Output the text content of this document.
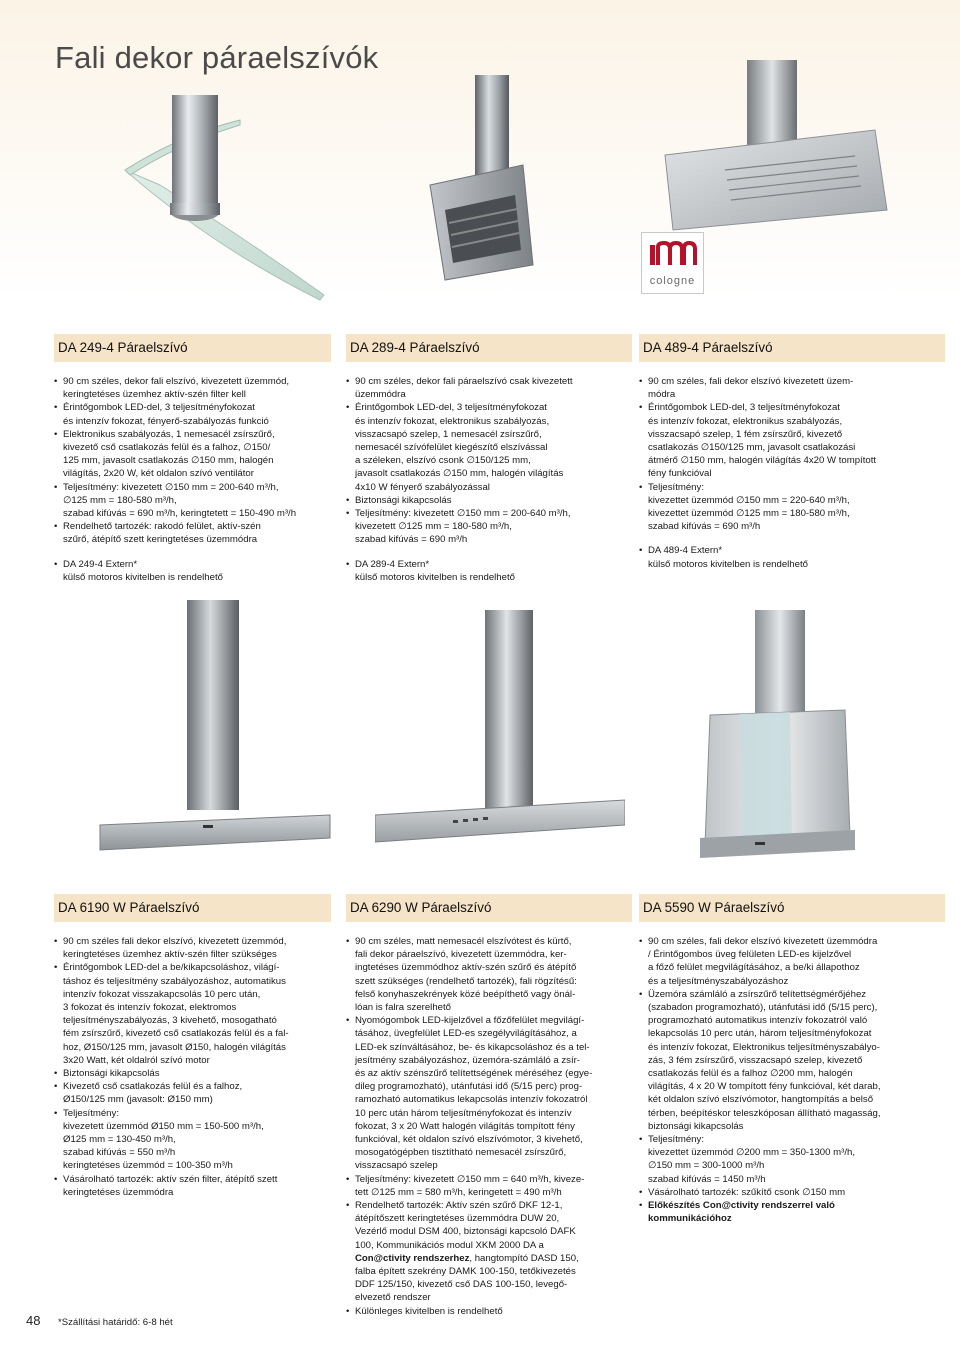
Fali dekor páraelszívók
cologne
DA 249-4 Páraelszívó
• 90 cm széles, dekor fali elszívó, kivezetett üzemmód,
keringtetéses üzemhez aktív-szén filter kell
• Érintőgombok LED-del, 3 teljesítményfokozat
és intenzív fokozat, fényerő-szabályozás funkció
• Elektronikus szabályozás, 1 nemesacél zsírszűrő,
kivezető cső csatlakozás felül és a falhoz, ∅150/
125 mm, javasolt csatlakozás ∅150 mm, halogén
világítás, 2x20 W, két oldalon szívó ventilátor
• Teljesítmény: kivezetett ∅150 mm = 200-640 m³/h,
∅125 mm = 180-580 m³/h,
szabad kifúvás = 690 m³/h, keringtetett = 150-490 m³/h
• Rendelhető tartozék: rakodó felület, aktív-szén
szűrő, átépítő szett keringtetéses üzemmódra
• DA 249-4 Extern*
külső motoros kivitelben is rendelhető
DA 289-4 Páraelszívó
• 90 cm széles, dekor fali páraelszívó csak kivezetett
üzemmódra
• Érintőgombok LED-del, 3 teljesítményfokozat
és intenzív fokozat, elektronikus szabályozás,
visszacsapó szelep, 1 nemesacél zsírszűrő,
nemesacél szívófelület kiegészítő elszívással
a széleken, elszívó csonk ∅150/125 mm,
javasolt csatlakozás ∅150 mm, halogén világítás
4x10 W fényerő szabályozással
• Biztonsági kikapcsolás
• Teljesítmény: kivezetett ∅150 mm = 200-640 m³/h,
kivezetett ∅125 mm = 180-580 m³/h,
szabad kifúvás = 690 m³/h
• DA 289-4 Extern*
külső motoros kivitelben is rendelhető
DA 489-4 Páraelszívó
• 90 cm széles, fali dekor elszívó kivezetett üzem-
módra
• Érintőgombok LED-del, 3 teljesítményfokozat
és intenzív fokozat, elektronikus szabályozás,
visszacsapó szelep, 1 fém zsírszűrő, kivezető
csatlakozás ∅150/125 mm, javasolt csatlakozási
átmérő ∅150 mm, halogén világítás 4x20 W tompított
fény funkcióval
• Teljesítmény:
kivezettet üzemmód ∅150 mm = 220-640 m³/h,
kivezettet üzemmód ∅125 mm = 180-580 m³/h,
szabad kifúvás = 690 m³/h
• DA 489-4 Extern*
külső motoros kivitelben is rendelhető
DA 6190 W Páraelszívó
• 90 cm széles fali dekor elszívó, kivezetett üzemmód,
keringtetéses üzemhez aktív-szén filter szükséges
• Érintőgombok LED-del a be/kikapcsoláshoz, világí-
táshoz és teljesítmény szabályozáshoz, automatikus
intenzív fokozat visszakapcsolás 10 perc után,
3 fokozat és intenzív fokozat, elektromos
teljesítményszabályozás, 3 kivehető, mosogatható
fém zsírszűrő, kivezető cső csatlakozás felül és a fal-
hoz, Ø150/125 mm, javasolt Ø150, halogén világítás
3x20 Watt, két oldalról szívó motor
• Biztonsági kikapcsolás
• Kivezető cső csatlakozás felül és a falhoz,
Ø150/125 mm (javasolt: Ø150 mm)
• Teljesítmény:
kivezetett üzemmód Ø150 mm = 150-500 m³/h,
Ø125 mm = 130-450 m³/h,
szabad kifúvás = 550 m³/h
keringtetéses üzemmód = 100-350 m³/h
• Vásárolható tartozék: aktív szén filter, átépítő szett
keringtetéses üzemmódra
DA 6290 W Páraelszívó
• 90 cm széles, matt nemesacél elszívótest és kürtő,
fali dekor páraelszívó, kivezetett üzemmódra, ker-
ingtetéses üzemmódhoz aktív-szén szűrő és átépítő
szett szükséges (rendelhető tartozék), fali rögzítésű:
felső konyhaszekrények közé beépíthető vagy önál-
lóan is falra szerelhető
• Nyomógombok LED-kijelzővel a főzőfelület megvilágí-
tásához, üvegfelület LED-es szegélyvilágításához, a
LED-ek színváltásához, be- és kikapcsoláshoz és a tel-
jesítmény szabályozáshoz, üzemóra-számláló a zsír-
és az aktív szénszűrő telítettségének méréséhez (egye-
dileg programozható), utánfutási idő (5/15 perc) prog-
ramozható automatikus lekapcsolás intenzív fokozatról
10 perc után három teljesítményfokozat és intenzív
fokozat, 3 x 20 Watt halogén világítás tompított fény
funkcióval, két oldalon szívó elszívómotor, 3 kivehető,
mosogatógépben tisztítható nemesacél zsírszűrő,
visszacsapó szelep
• Teljesítmény: kivezetett ∅150 mm = 640 m³/h, kiveze-
tett ∅125 mm = 580 m³/h, keringetett = 490 m³/h
• Rendelhető tartozék: Aktív szén szűrő DKF 12-1,
átépítőszett keringtetéses üzemmódra DUW 20,
Vezérlő modul DSM 400, biztonsági kapcsoló DAFK
100, Kommunikációs modul XKM 2000 DA a
Con@ctivity rendszerhez, hangtompító DASD 150,
falba épített szekrény DAMK 100-150, tetőkivezetés
DDF 125/150, kivezető cső DAS 100-150, levegő-
elvezető rendszer
• Különleges kivitelben is rendelhető
DA 5590 W Páraelszívó
• 90 cm széles, fali dekor elszívó kivezetett üzemmódra
/ Érintőgombos üveg felületen LED-es kijelzővel
a főző felület megvilágításához, a be/ki állapothoz
és a teljesítményszabályozáshoz
• Üzemóra számláló a zsírszűrő telítettségmérőjéhez
(szabadon programozható), utánfutási idő (5/15 perc),
programozható automatikus intenzív fokozatról való
lekapcsolás 10 perc után, három teljesítményfokozat
és intenzív fokozat, Elektronikus teljesítményszabályo-
zás, 3 fém zsírszűrő, visszacsapó szelep, kivezető
csatlakozás felül és a falhoz ∅200 mm, halogén
világítás, 4 x 20 W tompított fény funkcióval, két darab,
két oldalon szívó elszívómotor, hangtompítás a belső
térben, beépítéskor teleszkóposan állítható magasság,
biztonsági kikapcsolás
• Teljesítmény:
kivezettet üzemmód ∅200 mm = 350-1300 m³/h,
∅150 mm = 300-1000 m³/h
szabad kifúvás = 1450 m³/h
• Vásárolható tartozék: szűkítő csonk ∅150 mm
• Előkészítés Con@ctivity rendszerrel való
kommunikációhoz
48 *Szállítási határidő: 6-8 hét
